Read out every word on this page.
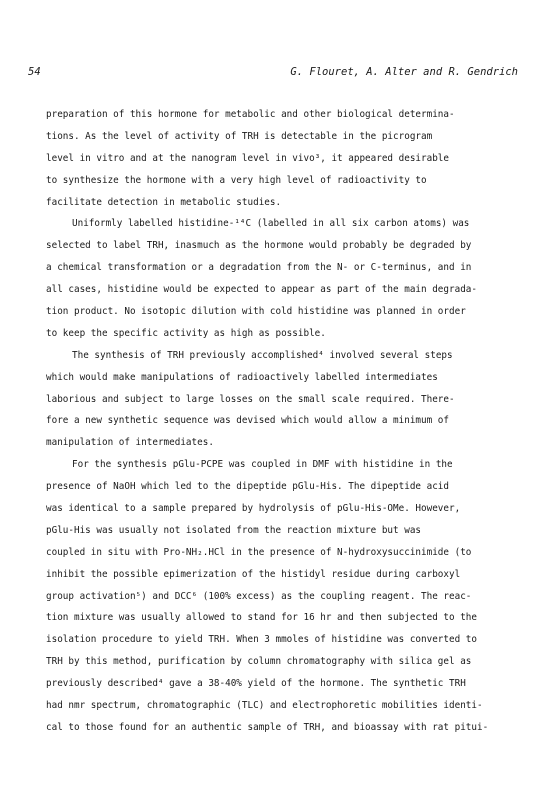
54	G. Flouret, A. Alter and R. Gendrich
preparation of this hormone for metabolic and other biological determina-
tions. As the level of activity of TRH is detectable in the picrogram
level in vitro and at the nanogram level in vivo³, it appeared desirable
to synthesize the hormone with a very high level of radioactivity to
facilitate detection in metabolic studies.
Uniformly labelled histidine-¹⁴C (labelled in all six carbon atoms) was
selected to label TRH, inasmuch as the hormone would probably be degraded by
a chemical transformation or a degradation from the N- or C-terminus, and in
all cases, histidine would be expected to appear as part of the main degrada-
tion product. No isotopic dilution with cold histidine was planned in order
to keep the specific activity as high as possible.
The synthesis of TRH previously accomplished⁴ involved several steps
which would make manipulations of radioactively labelled intermediates
laborious and subject to large losses on the small scale required. There-
fore a new synthetic sequence was devised which would allow a minimum of
manipulation of intermediates.
For the synthesis pGlu-PCPE was coupled in DMF with histidine in the
presence of NaOH which led to the dipeptide pGlu-His. The dipeptide acid
was identical to a sample prepared by hydrolysis of pGlu-His-OMe. However,
pGlu-His was usually not isolated from the reaction mixture but was
coupled in situ with Pro-NH₂.HCl in the presence of N-hydroxysuccinimide (to
inhibit the possible epimerization of the histidyl residue during carboxyl
group activation⁵) and DCC⁶ (100% excess) as the coupling reagent. The reac-
tion mixture was usually allowed to stand for 16 hr and then subjected to the
isolation procedure to yield TRH. When 3 mmoles of histidine was converted to
TRH by this method, purification by column chromatography with silica gel as
previously described⁴ gave a 38-40% yield of the hormone. The synthetic TRH
had nmr spectrum, chromatographic (TLC) and electrophoretic mobilities identi-
cal to those found for an authentic sample of TRH, and bioassay with rat pitui-
